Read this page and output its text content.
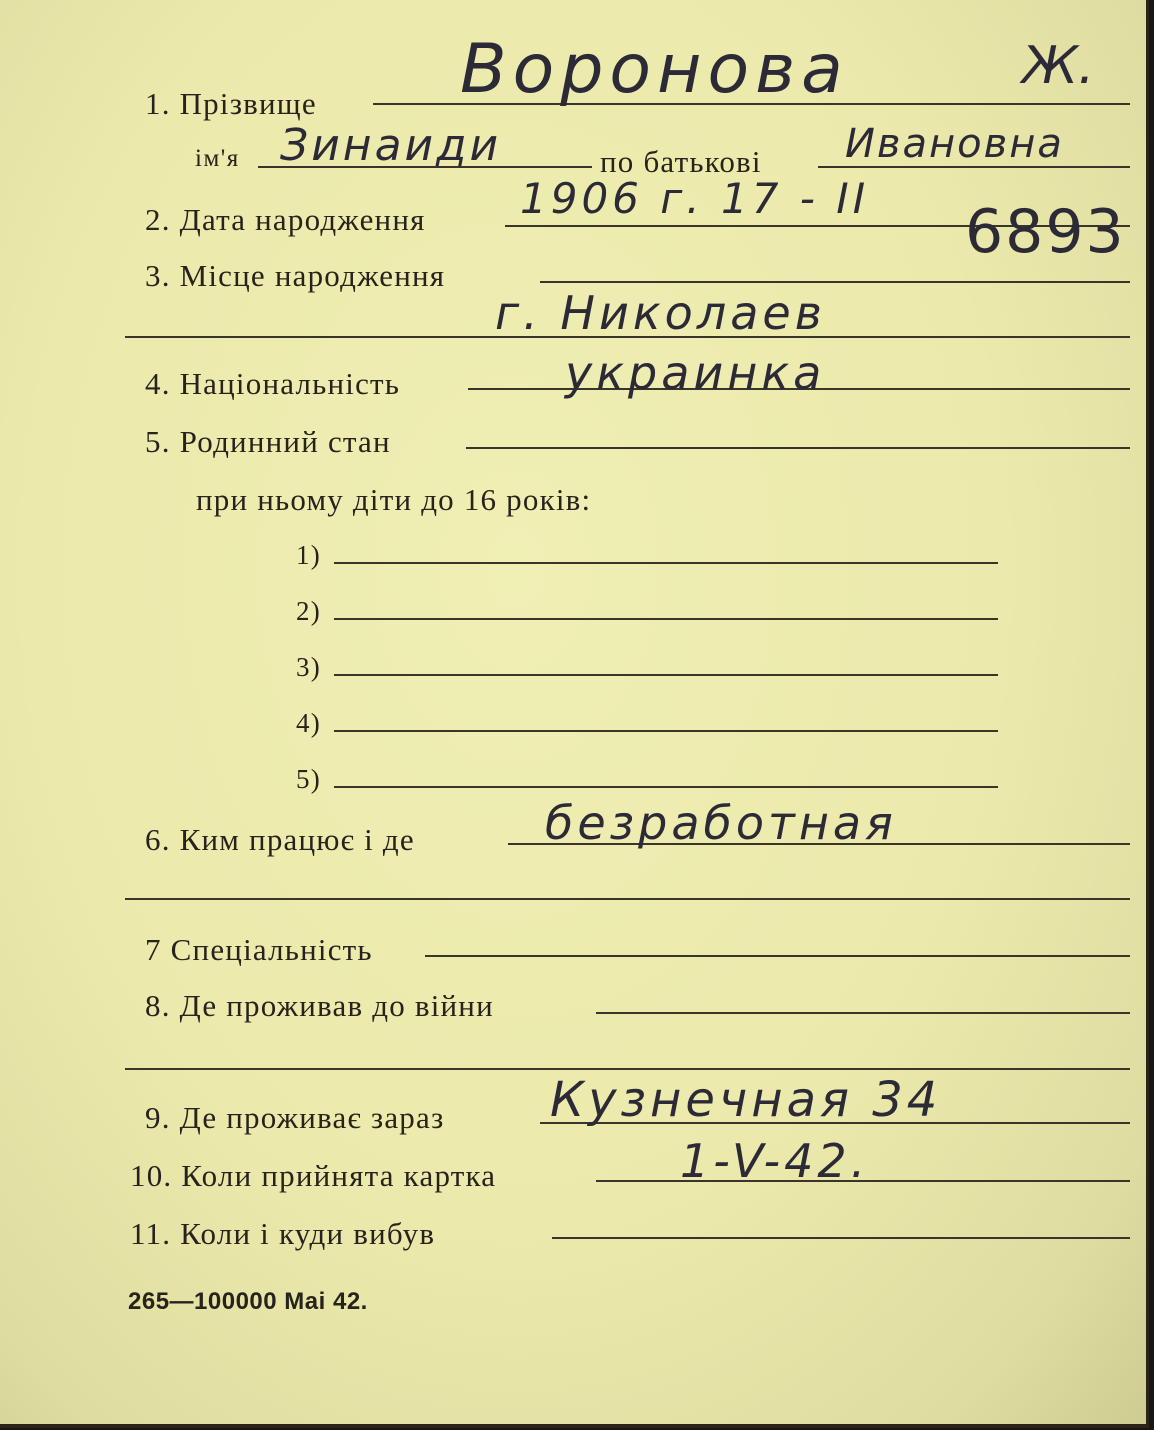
Ж.
1. Прізвище Воронова
ім'я Зинаиди	по батькові Ивановна
2. Дата народження 1906 г. 17 - II 6893
3. Місце народження
г. Николаев
4. Національність	украинка
5. Родинний стан
при ньому діти до 16 років:
1)
2)
3)
4)
5)
6. Ким працює і де	безработная
7 Спеціальність
8. Де проживав до війни
9. Де проживає зараз Кузнечная 34
10. Коли прийнята картка	1-V-42.
11. Коли і куди вибув
265—100000 Mai 42.
